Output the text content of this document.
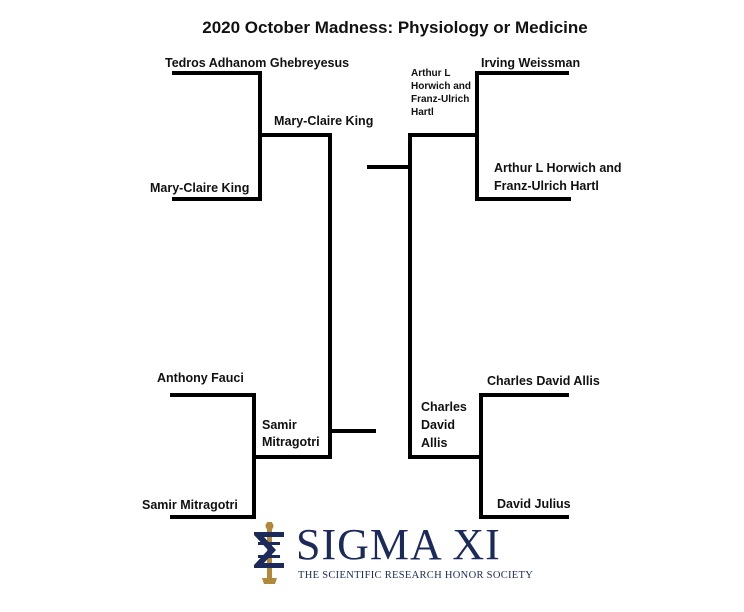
2020 October Madness: Physiology or Medicine
Tedros Adhanom Ghebreyesus
Mary-Claire King
Mary-Claire King
Anthony Fauci
Samir Mitragotri
Samir
Mitragotri
Irving Weissman
Arthur L Horwich and
Franz-Ulrich Hartl
Arthur L Horwich and Franz-Ulrich Hartl
Charles David Allis
David Julius
Charles David Allis
SIGMA XI
THE SCIENTIFIC RESEARCH HONOR SOCIETY
